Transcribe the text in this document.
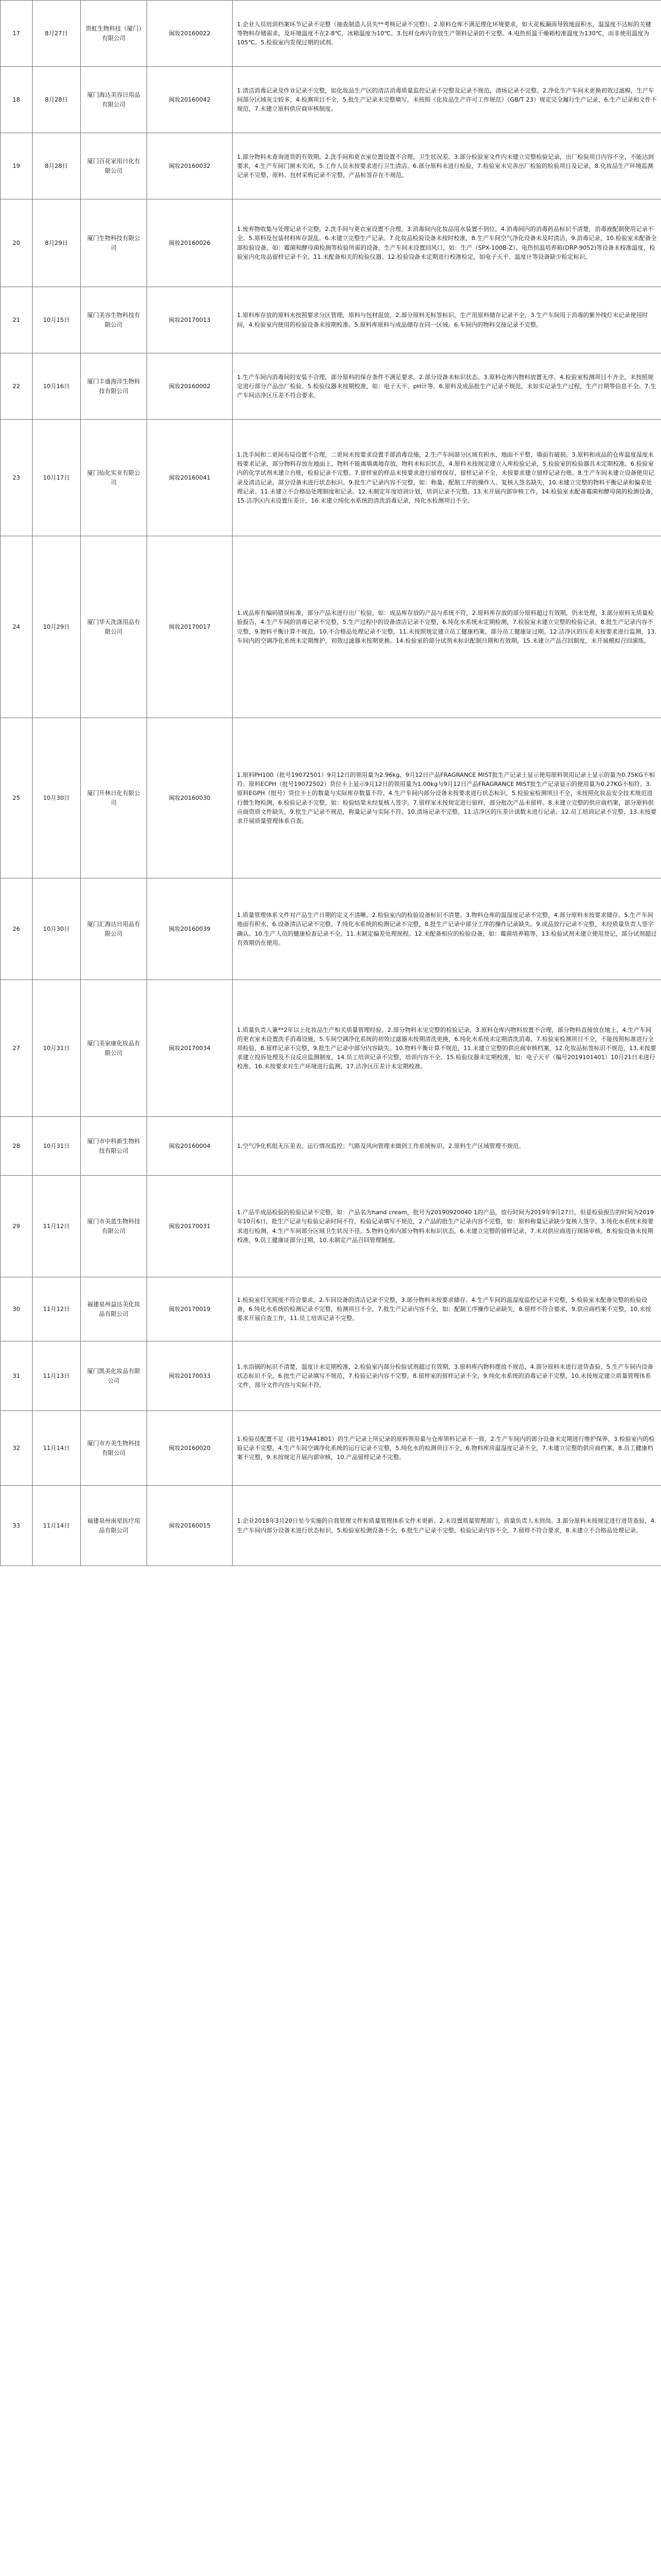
17	8月27日	资虹生物科技（厦门）有限公司	闽妆20160022	1.企业人员培训档案环节记录不完整（抽查制造人员失**考核记录不完整）。2.原料仓库不满足理化环境要求，如天花板漏雨导致地面积水，温湿度不达标的关键等物料存储需求，及环境温度不在2-8℃，冰箱温度为10℃。3.包材仓库内存放生产领料记录的不完整。4.电热恒温干燥箱校准温度为130℃，而非使用温度为105℃。5.检验室内发现过期的试剂。
18	8月28日	厦门海达美容日用品有限公司	闽妆20160042	1.清洁消毒记录及作业记录不完整，如化妆品生产区的清洁消毒质量监控记录不完整及记录不规范，清场记录不完整。2.净化生产车间未更换初效过滤棉，生产车间部分区域灰尘较多，4.检测项目不全，5.批生产记录未完整填写，未按照《化妆品生产许可工作规范》（GB/T 23）规定完全履行生产记录，6.生产记录和文件不规范，7.未建立原料供应商审核制度。
19	8月28日	厦门百花家用日化有限公司	闽妆20160032	1.部分物料未查询进货的有效期。2.洗手间和更衣室位置设置不合理，卫生状况差。3.部分检验室文件内未建立完整检验记录，出厂检验项目内容不全，不能达到要求，4.生产车间门窗未关闭，5.工作人员未按要求进行卫生清洁。6.部分原料未进行检验，7.检验室未完善出厂检验的检验项目及记录，8.化妆品生产环境监测记录不完整，原料、包材采购记录不完整，产品标签存在不规范。
20	8月29日	厦门生物科技有限公司	闽妆20160026	1.废弃物收集与处理记录不完整，2.洗手间与更衣室设置不合理。3.消毒间内化妆品用水装置不到位，4.消毒间内的消毒药品标识不清楚，消毒液配制使用记录不全。5.原料及包装材料库存混乱。6.未建立完整生产记录。7.化妆品检验设备未按时校准，8.生产车间空气净化设备未及时清洁，9.消毒记录，10.检验室未配备全部检验设备。如：霉菌和酵母菌检测等检验所需的设备，生产车间未设置回风口，如：生产（SPX-100B-Z）、电热恒温培养箱(DRP-9052)等设备未校准温度，检验室内化妆品留样记录不全。11.未配备相关的检验仪器。12.检验设备未定期进行校准检定，如电子天平、温度计等设备缺少检定标识。
21	10月15日	厦门美容生物科技有限公司	闽妆20170013	1.原料库存放的原料未按照要求分区管理，原料与包材混放，2.部分原料无标签标识，生产用原料储存记录不全，3.生产车间用于消毒的紫外线灯未记录使用时间，4.检验室内使用的检验设备未按期校准。5.原料库原料与成品储存在同一区域。6.车间内的物料交接记录不完整。
22	10月16日	厦门丰盛海洋生物科技有限公司	闽妆20160002	1.生产车间内消毒间的安装不合理，部分原料的保存条件不满足要求。2.部分设备未标识状态。3.原料仓库内物料放置无序。4.检验室检测项目不齐全，未按照规定进行部分产品出厂检验。5.检验仪器未按期校准，如：电子天平、pH计等。6.原料及成品批生产记录不规范，未如实记录生产过程，生产日期等信息不全。7.生产车间洁净区压差不符合要求。
23	10月17日	厦门仙化实业有限公司	闽妆20160041	1.洗手间和二更间布局设置不合理，二更间未按要求设置手部消毒设施，2.生产车间部分区域有积水，地面不平整，墙面有破损。3.原料和成品的仓库温度湿度未按要求记录，部分物料存放在地面上，物料不能离墙离地存放，物料未标识状态，4.原料未按规定建立入库检验记录，5.检验室的检验器具未定期校准。6.检验室内的化学试剂未建立台账，检验记录不完整。7.留样室的样品未按要求进行留样保存，留样记录不全，未按要求建立留样记录台账。8.生产车间未建立设备使用记录及清洁记录，部分设备未进行状态标识。9.批生产记录内容不完整，如：称量、配制工序的操作人、复核人签名缺失，10.未建立完整的物料平衡记录和偏差处理记录。11.未建立不合格品处理制度和记录。12.未制定年度培训计划，培训记录不完整。13.未开展内部审核工作，14.检验室未配备霉菌和酵母菌的检测设备，15.洁净区内未设置压差计，16.未建立纯化水系统的清洗消毒记录，纯化水检测项目不全。
24	10月29日	厦门华天洗涤用品有限公司	闽妆20170017	1.成品库有编码错误标准，部分产品未进行出厂检验，如：成品库存放的产品与系统不符，2.原料库存放的部分原料超过有效期，仍未处理，3.部分原料无质量检验报告，4.生产车间的消毒记录不完整，5.生产过程中的设备清洁记录不完整，6.纯化水系统未定期检测，7.检验室未建立完整的检验记录，8.批生产记录内容不完整，9.物料平衡计算不规范。10.不合格品处理记录不完整。11.未按照规定建立员工健康档案，部分员工健康证过期。12.洁净区的压差未按要求进行监测，13.车间内的空调净化系统未定期维护，初效过滤器未按期更换。14.检验室的部分试剂未标识配制日期和有效期。15.未建立产品召回制度，未开展模拟召回演练。
25	10月30日	厦门开林日化有限公司	闽妆20160030	1.原料PH100（批号19072501）9月12日的领用量为2.96kg，9月12日产品FRAGRANCE MIST批生产记录上显示使用原料领用记录上显示的量为0.75KG不相符。原料ECPH（批号19072502）货位卡上显示9月12日的领用量为1.00kg与9月12日产品FRAGRANCE MIST批生产记录显示的使用量为0.27KG不相符。3.原料EGPH（批号）货位卡上的数量与实际库存数量不符。4.生产车间内部分设备未按要求进行状态标识，5.检验室检测项目不全，未按照化妆品安全技术规范进行微生物检测，6.检验记录不完整，如：检验结果未经复核人签字。7.留样室未按规定进行留样，部分批次产品未留样。8.未建立完整的供应商档案，部分原料供应商资质文件缺失，9.批生产记录不规范，称量记录与实际不符。10.清场记录不完整，11.洁净区的压差计读数未进行记录。12.员工培训记录不完整，13.未按要求开展质量管理体系自查。
26	10月30日	厦门汇海达日用品有限公司	闽妆20160039	1.质量管理体系文件对产品生产日期的定义不清晰。2.检验室内的检验设备标识不清楚。3.物料仓库的温湿度记录不完整，4.部分原料未按要求储存。5.生产车间地面有积水，6.设备清洁记录不完整。7.纯化水系统的检测记录不完整，8.批生产记录中部分工序的操作记录缺失。9.成品放行记录不完整，未经质量负责人签字确认。10.生产人员的健康检查记录不全。11.未制定偏差处理规程。12.未配备相应的检验设备，如：霉菌培养箱等，13.检验试剂未建立使用登记，部分试剂超过有效期仍在使用。
27	10月31日	厦门美家康化妆品有限公司	闽妆20170034	1.质量负责人兼**2年以上化妆品生产相关质量管理经验。2.部分物料未见完整的检验记录，3.原料仓库内物料放置不合理，部分物料直接放在地上，4.生产车间的更衣室未设置洗手消毒设施，5.车间空调净化系统的初效过滤器未按期清洗更换，6.纯化水系统未定期清洗消毒，7.检验室检测项目不全，不能按照标准进行全项检验，8.留样记录不完整，9.批生产记录中部分内容缺失。10.物料平衡计算不规范，11.未建立完整的供应商审核档案，12.化妆品标签标识不规范，13.未按要求建立投诉处理及不良反应监测制度，14.员工培训记录不完整，培训内容不全。15.检验仪器未定期校准，如：电子天平（编号2019101401）10月21日未进行校准。16.未按要求对生产环境进行监测，17.洁净区压差计未定期校准。
28	10月31日	厦门市中科新生物科技有限公司	闽妆20160004	1.空气净化机组无压差表，运行情况监控；气路及风向管理未做到工作系统标识。2.原料生产区域管理不规范。
29	11月12日	厦门市美蓝生物科技有限公司	闽妆20170031	1.产品半成品检验的检验记录不完整，如：产品名为hand cream，批号为20190920040 1的产品，放行时间为2019年9月27日，但是检验报告的时间为2019年10月6日，批生产记录与检验记录时间不符，检验记录填写不规范，2.产品的批生产记录内容不完整，如：原料称量记录缺少复核人签字，3.纯化水系统未按要求进行检测，4.生产车间部分区域卫生状况不佳。5.物料仓库内部分物料未标识状态，6.未建立完整的留样记录，7.未对供应商进行现场审核。8.检验设备未按期校准，9.员工健康证部分过期，10.未制定产品召回管理制度。
30	11月12日	福建泉州益达美化妆品有限公司	闽妆20170019	1.检验室灯光照度不符合要求，2.车间设备的清洁记录不完整，3.部分物料未按要求储存。4.生产车间的温湿度监控记录不完整，5.检验室未配备完整的检验设备，6.纯化水系统的检测记录不完整，检测项目不全，7.批生产记录内容不全，如：配制工序操作记录缺失，8.留样不符合要求，9.供应商档案不完整，10.未按要求开展自查工作，11.员工培训记录不完整。
31	11月13日	厦门凯美化妆品有限公司	闽妆20170033	1.水浴锅的标识不清楚，温度计未定期校准，2.检验室内部分检验试剂超过有效期，3.原料库内物料摆放不规范，4.部分原料未进行进货查验，5.生产车间内设备状态标识不全，6.批生产记录填写不规范，7.检验记录内容不完整，8.留样室的留样记录不全，9.纯化水系统的消毒记录不完整，10.未按规定建立质量管理体系文件，部分文件内容与实际不符。
32	11月14日	厦门市方美生物科技有限公司	闽妆20160020	1.检验员配置不足（批号19A41801）的生产记录上所记录的原料领用量与仓库领料记录不一致，2.生产车间内的部分设备未定期进行维护保养，3.检验室内的检验记录不完整，4.生产车间空调净化系统的运行记录不完整，5.纯化水的检测项目不全，6.物料库房温湿度记录不全，7.未建立完整的供应商档案，8.员工健康档案不完整，9.未按规定开展内部审核，10.产品留样记录不完整。
33	11月14日	福建泉州南星医疗用品有限公司	闽妆20160015	1.企业2018年3月20日至今实施的自我管理文件和质量管理体系文件未更新。2.未设置质量管理部门，质量负责人未到岗。3.部分原料未按规定进行进货查验，4.生产车间内部分设备未进行状态标识，5.检验室检测设备不全，6.批生产记录不完整，检验记录内容不全，7.留样不符合要求，8.未建立不合格品处理记录。
